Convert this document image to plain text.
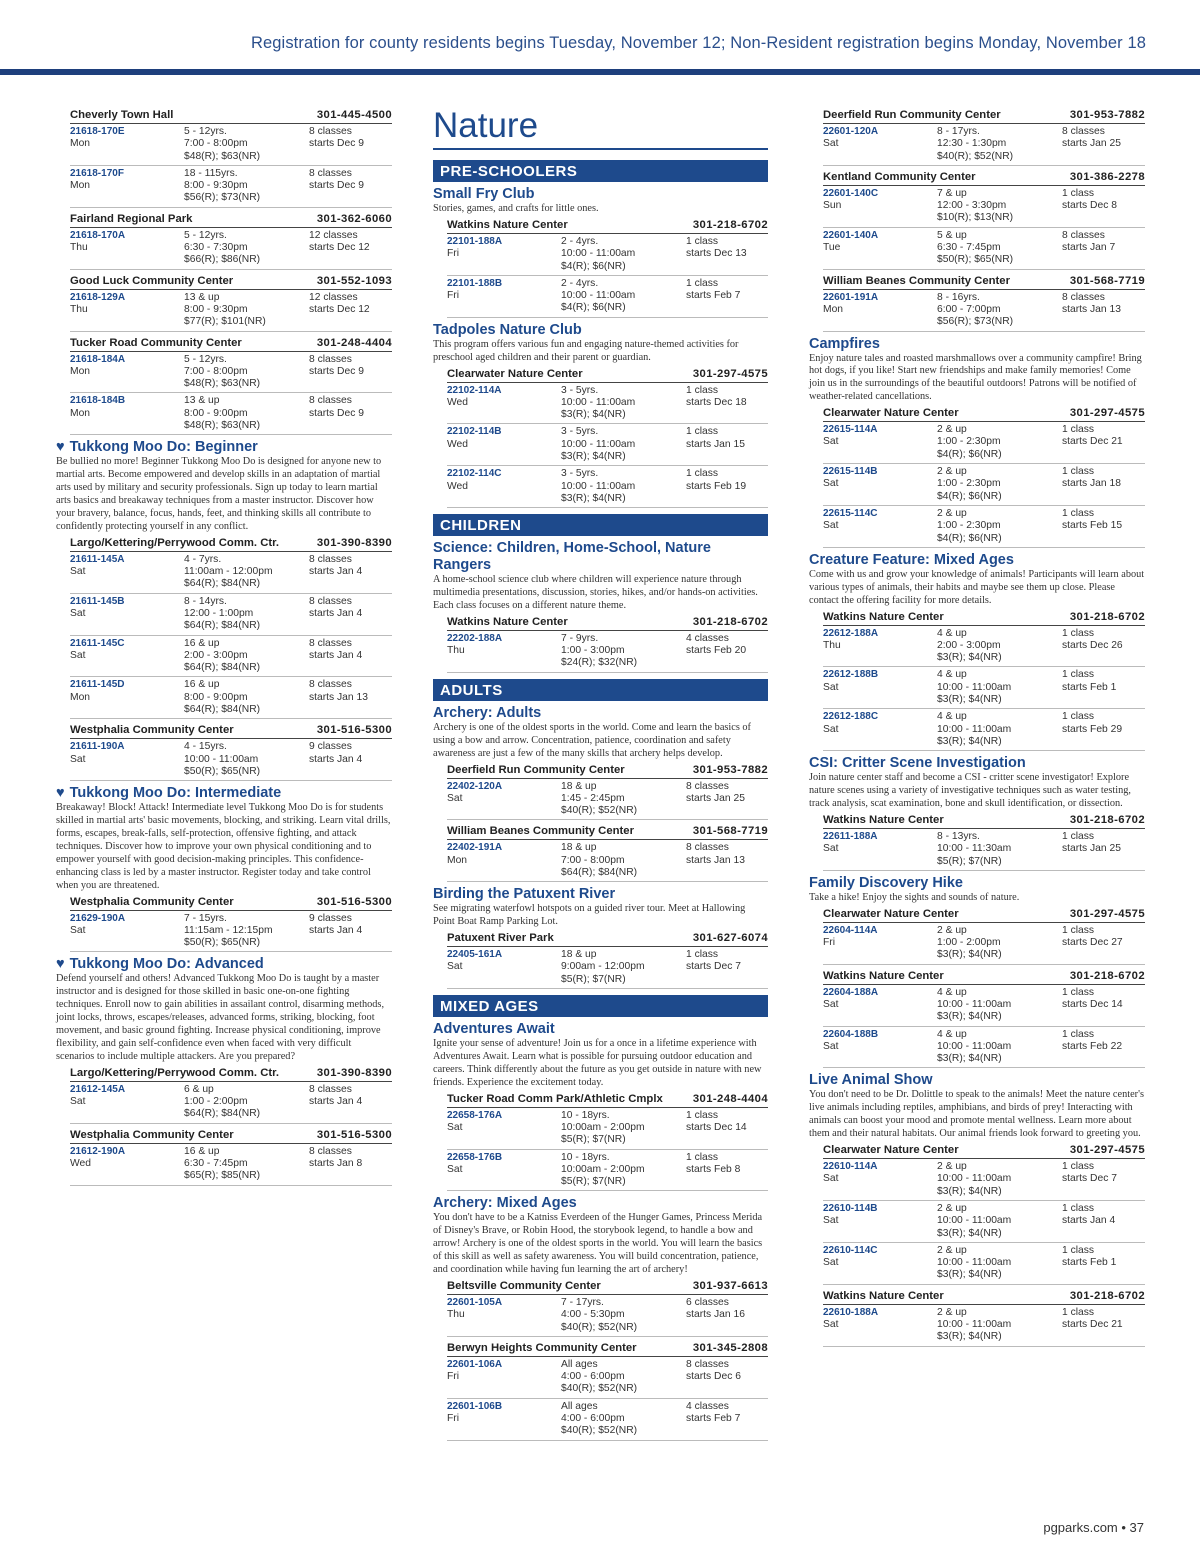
Registration for county residents begins Tuesday, November 12; Non-Resident registration begins Monday, November 18
Cheverly Town Hall	301-445-4500
21618-170E	5 - 12yrs.	8 classes
Mon	7:00 - 8:00pm	starts Dec 9
$48(R); $63(NR)
21618-170F	18 - 115yrs.	8 classes
Mon	8:00 - 9:30pm	starts Dec 9
$56(R); $73(NR)
Fairland Regional Park	301-362-6060
21618-170A	5 - 12yrs.	12 classes
Thu	6:30 - 7:30pm	starts Dec 12
$66(R); $86(NR)
Good Luck Community Center	301-552-1093
21618-129A	13 & up	12 classes
Thu	8:00 - 9:30pm	starts Dec 12
$77(R); $101(NR)
Tucker Road Community Center	301-248-4404
21618-184A	5 - 12yrs.	8 classes
Mon	7:00 - 8:00pm	starts Dec 9
$48(R); $63(NR)
21618-184B	13 & up	8 classes
Mon	8:00 - 9:00pm	starts Dec 9
$48(R); $63(NR)
♥ Tukkong Moo Do: Beginner
Be bullied no more! Beginner Tukkong Moo Do is designed for anyone new to martial arts. Become empowered and develop skills in an adaptation of martial arts used by military and security professionals. Sign up today to learn martial arts basics and breakaway techniques from a master instructor. Discover how your bravery, balance, focus, hands, feet, and thinking skills all contribute to confidently protecting yourself in any conflict.
Largo/Kettering/Perrywood Comm. Ctr.	301-390-8390
21611-145A	4 - 7yrs.	8 classes
Sat	11:00am - 12:00pm	starts Jan 4
$64(R); $84(NR)
21611-145B	8 - 14yrs.	8 classes
Sat	12:00 - 1:00pm	starts Jan 4
$64(R); $84(NR)
21611-145C	16 & up	8 classes
Sat	2:00 - 3:00pm	starts Jan 4
$64(R); $84(NR)
21611-145D	16 & up	8 classes
Mon	8:00 - 9:00pm	starts Jan 13
$64(R); $84(NR)
Westphalia Community Center	301-516-5300
21611-190A	4 - 15yrs.	9 classes
Sat	10:00 - 11:00am	starts Jan 4
$50(R); $65(NR)
♥ Tukkong Moo Do: Intermediate
Breakaway! Block! Attack! Intermediate level Tukkong Moo Do is for students skilled in martial arts' basic movements, blocking, and striking. Learn vital drills, forms, escapes, break-falls, self-protection, offensive fighting, and attack techniques. Discover how to improve your own physical conditioning and to empower yourself with good decision-making principles. This confidence-enhancing class is led by a master instructor. Register today and take control when you are threatened.
Westphalia Community Center	301-516-5300
21629-190A	7 - 15yrs.	9 classes
Sat	11:15am - 12:15pm	starts Jan 4
$50(R); $65(NR)
♥ Tukkong Moo Do: Advanced
Defend yourself and others! Advanced Tukkong Moo Do is taught by a master instructor and is designed for those skilled in basic one-on-one fighting techniques. Enroll now to gain abilities in assailant control, disarming methods, joint locks, throws, escapes/releases, advanced forms, striking, blocking, foot movement, and basic ground fighting. Increase physical conditioning, improve flexibility, and gain self-confidence even when faced with very difficult scenarios to include multiple attackers. Are you prepared?
Largo/Kettering/Perrywood Comm. Ctr.	301-390-8390
21612-145A	6 & up	8 classes
Sat	1:00 - 2:00pm	starts Jan 4
$64(R); $84(NR)
Westphalia Community Center	301-516-5300
21612-190A	16 & up	8 classes
Wed	6:30 - 7:45pm	starts Jan 8
$65(R); $85(NR)
Nature
PRE-SCHOOLERS
Small Fry Club
Stories, games, and crafts for little ones.
Watkins Nature Center	301-218-6702
22101-188A	2 - 4yrs.	1 class
Fri	10:00 - 11:00am	starts Dec 13
$4(R); $6(NR)
22101-188B	2 - 4yrs.	1 class
Fri	10:00 - 11:00am	starts Feb 7
$4(R); $6(NR)
Tadpoles Nature Club
This program offers various fun and engaging nature-themed activities for preschool aged children and their parent or guardian.
Clearwater Nature Center	301-297-4575
22102-114A	3 - 5yrs.	1 class
Wed	10:00 - 11:00am	starts Dec 18
$3(R); $4(NR)
22102-114B	3 - 5yrs.	1 class
Wed	10:00 - 11:00am	starts Jan 15
$3(R); $4(NR)
22102-114C	3 - 5yrs.	1 class
Wed	10:00 - 11:00am	starts Feb 19
$3(R); $4(NR)
CHILDREN
Science: Children, Home-School, Nature Rangers
A home-school science club where children will experience nature through multimedia presentations, discussion, stories, hikes, and/or hands-on activities. Each class focuses on a different nature theme.
Watkins Nature Center	301-218-6702
22202-188A	7 - 9yrs.	4 classes
Thu	1:00 - 3:00pm	starts Feb 20
$24(R); $32(NR)
ADULTS
Archery: Adults
Archery is one of the oldest sports in the world. Come and learn the basics of using a bow and arrow. Concentration, patience, coordination and safety awareness are just a few of the many skills that archery helps develop.
Deerfield Run Community Center	301-953-7882
22402-120A	18 & up	8 classes
Sat	1:45 - 2:45pm	starts Jan 25
$40(R); $52(NR)
William Beanes Community Center	301-568-7719
22402-191A	18 & up	8 classes
Mon	7:00 - 8:00pm	starts Jan 13
$64(R); $84(NR)
Birding the Patuxent River
See migrating waterfowl hotspots on a guided river tour. Meet at Hallowing Point Boat Ramp Parking Lot.
Patuxent River Park	301-627-6074
22405-161A	18 & up	1 class
Sat	9:00am - 12:00pm	starts Dec 7
$5(R); $7(NR)
MIXED AGES
Adventures Await
Ignite your sense of adventure! Join us for a once in a lifetime experience with Adventures Await. Learn what is possible for pursuing outdoor education and careers. Think differently about the future as you get outside in nature with new friends. Experience the excitement today.
Tucker Road Comm Park/Athletic Cmplx	301-248-4404
22658-176A	10 - 18yrs.	1 class
Sat	10:00am - 2:00pm	starts Dec 14
$5(R); $7(NR)
22658-176B	10 - 18yrs.	1 class
Sat	10:00am - 2:00pm	starts Feb 8
$5(R); $7(NR)
Archery: Mixed Ages
You don't have to be a Katniss Everdeen of the Hunger Games, Princess Merida of Disney's Brave, or Robin Hood, the storybook legend, to handle a bow and arrow! Archery is one of the oldest sports in the world. You will learn the basics of this skill as well as safety awareness. You will build concentration, patience, and coordination while having fun learning the art of archery!
Beltsville Community Center	301-937-6613
22601-105A	7 - 17yrs.	6 classes
Thu	4:00 - 5:30pm	starts Jan 16
$40(R); $52(NR)
Berwyn Heights Community Center	301-345-2808
22601-106A	All ages	8 classes
Fri	4:00 - 6:00pm	starts Dec 6
$40(R); $52(NR)
22601-106B	All ages	4 classes
Fri	4:00 - 6:00pm	starts Feb 7
$40(R); $52(NR)
Deerfield Run Community Center	301-953-7882
22601-120A	8 - 17yrs.	8 classes
Sat	12:30 - 1:30pm	starts Jan 25
$40(R); $52(NR)
Kentland Community Center	301-386-2278
22601-140C	7 & up	1 class
Sun	12:00 - 3:30pm	starts Dec 8
$10(R); $13(NR)
22601-140A	5 & up	8 classes
Tue	6:30 - 7:45pm	starts Jan 7
$50(R); $65(NR)
William Beanes Community Center	301-568-7719
22601-191A	8 - 16yrs.	8 classes
Mon	6:00 - 7:00pm	starts Jan 13
$56(R); $73(NR)
Campfires
Enjoy nature tales and roasted marshmallows over a community campfire! Bring hot dogs, if you like! Start new friendships and make family memories! Come join us in the surroundings of the beautiful outdoors! Patrons will be notified of weather-related cancellations.
Clearwater Nature Center	301-297-4575
22615-114A	2 & up	1 class
Sat	1:00 - 2:30pm	starts Dec 21
$4(R); $6(NR)
22615-114B	2 & up	1 class
Sat	1:00 - 2:30pm	starts Jan 18
$4(R); $6(NR)
22615-114C	2 & up	1 class
Sat	1:00 - 2:30pm	starts Feb 15
$4(R); $6(NR)
Creature Feature: Mixed Ages
Come with us and grow your knowledge of animals! Participants will learn about various types of animals, their habits and maybe see them up close. Please contact the offering facility for more details.
Watkins Nature Center	301-218-6702
22612-188A	4 & up	1 class
Thu	2:00 - 3:00pm	starts Dec 26
$3(R); $4(NR)
22612-188B	4 & up	1 class
Sat	10:00 - 11:00am	starts Feb 1
$3(R); $4(NR)
22612-188C	4 & up	1 class
Sat	10:00 - 11:00am	starts Feb 29
$3(R); $4(NR)
CSI: Critter Scene Investigation
Join nature center staff and become a CSI - critter scene investigator! Explore nature scenes using a variety of investigative techniques such as water testing, track analysis, scat examination, bone and skull identification, or dissection.
Watkins Nature Center	301-218-6702
22611-188A	8 - 13yrs.	1 class
Sat	10:00 - 11:30am	starts Jan 25
$5(R); $7(NR)
Family Discovery Hike
Take a hike! Enjoy the sights and sounds of nature.
Clearwater Nature Center	301-297-4575
22604-114A	2 & up	1 class
Fri	1:00 - 2:00pm	starts Dec 27
$3(R); $4(NR)
Watkins Nature Center	301-218-6702
22604-188A	4 & up	1 class
Sat	10:00 - 11:00am	starts Dec 14
$3(R); $4(NR)
22604-188B	4 & up	1 class
Sat	10:00 - 11:00am	starts Feb 22
$3(R); $4(NR)
Live Animal Show
You don't need to be Dr. Dolittle to speak to the animals! Meet the nature center's live animals including reptiles, amphibians, and birds of prey! Interacting with animals can boost your mood and promote mental wellness. Learn more about them and their natural habitats. Our animal friends look forward to greeting you.
Clearwater Nature Center	301-297-4575
22610-114A	2 & up	1 class
Sat	10:00 - 11:00am	starts Dec 7
$3(R); $4(NR)
22610-114B	2 & up	1 class
Sat	10:00 - 11:00am	starts Jan 4
$3(R); $4(NR)
22610-114C	2 & up	1 class
Sat	10:00 - 11:00am	starts Feb 1
$3(R); $4(NR)
Watkins Nature Center	301-218-6702
22610-188A	2 & up	1 class
Sat	10:00 - 11:00am	starts Dec 21
$3(R); $4(NR)
pgparks.com • 37
